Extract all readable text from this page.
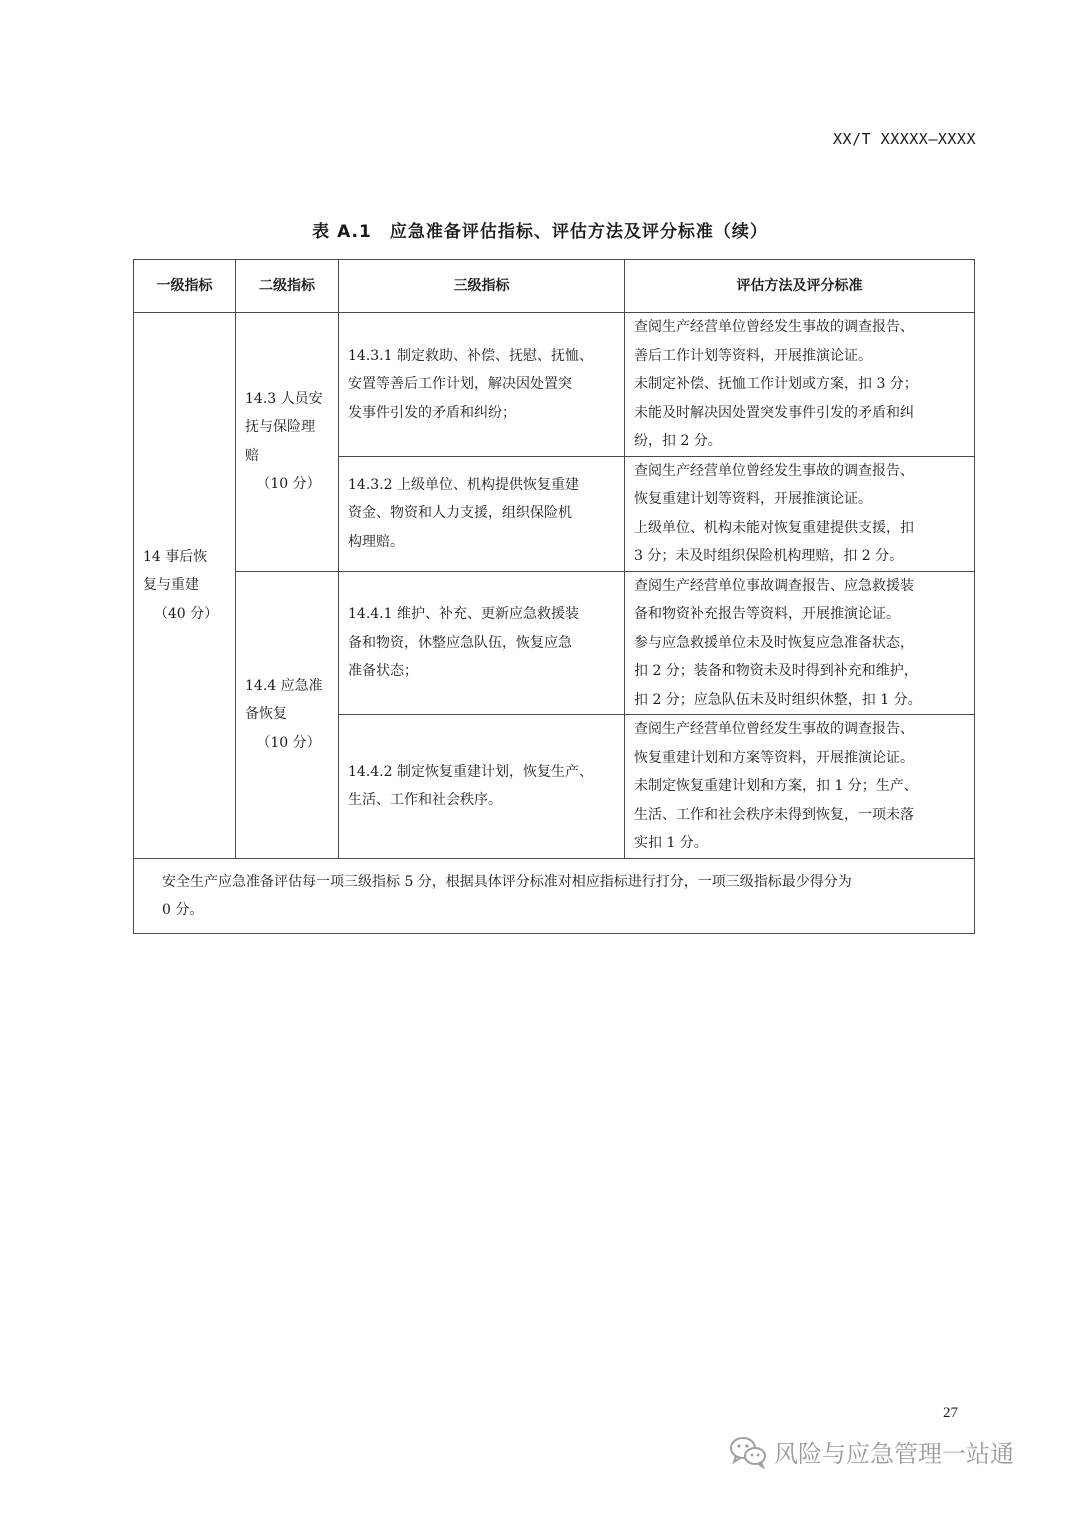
XX/T XXXXX—XXXX
表 A.1 应急准备评估指标、评估方法及评分标准（续）
一级指标	二级指标	三级指标	评估方法及评分标准

14 事后恢
复与重建
（40 分）	14.3 人员安
抚与保险理
赔
（10 分）	14.3.1 制定救助、补偿、抚慰、抚恤、
安置等善后工作计划，解决因处置突
发事件引发的矛盾和纠纷；	查阅生产经营单位曾经发生事故的调查报告、
善后工作计划等资料，开展推演论证。
未制定补偿、抚恤工作计划或方案，扣 3 分；
未能及时解决因处置突发事件引发的矛盾和纠
纷，扣 2 分。

		14.3.2 上级单位、机构提供恢复重建
资金、物资和人力支援，组织保险机
构理赔。	查阅生产经营单位曾经发生事故的调查报告、
恢复重建计划等资料，开展推演论证。
上级单位、机构未能对恢复重建提供支援，扣
3 分；未及时组织保险机构理赔，扣 2 分。

	14.4 应急准
备恢复
（10 分）	14.4.1 维护、补充、更新应急救援装
备和物资，休整应急队伍，恢复应急
准备状态；	查阅生产经营单位事故调查报告、应急救援装
备和物资补充报告等资料，开展推演论证。
参与应急救援单位未及时恢复应急准备状态，
扣 2 分；装备和物资未及时得到补充和维护，
扣 2 分；应急队伍未及时组织休整，扣 1 分。

		14.4.2 制定恢复重建计划，恢复生产、
生活、工作和社会秩序。	查阅生产经营单位曾经发生事故的调查报告、
恢复重建计划和方案等资料，开展推演论证。
未制定恢复重建计划和方案，扣 1 分；生产、
生活、工作和社会秩序未得到恢复，一项未落
实扣 1 分。

安全生产应急准备评估每一项三级指标 5 分，根据具体评分标准对相应指标进行打分，一项三级指标最少得分为
0 分。			
27
风险与应急管理一站通
